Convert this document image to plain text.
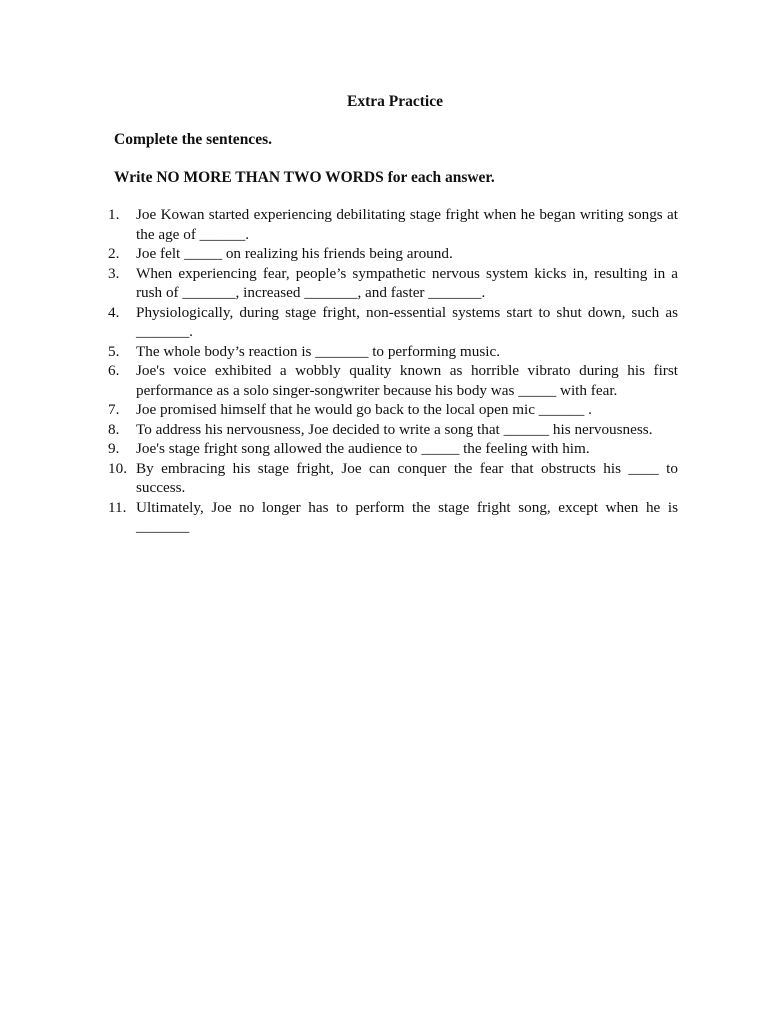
Extra Practice
Complete the sentences.
Write NO MORE THAN TWO WORDS for each answer.
1.	Joe Kowan started experiencing debilitating stage fright when he began writing songs at the age of ______.
2.	Joe felt _____ on realizing his friends being around.
3.	When experiencing fear, people’s sympathetic nervous system kicks in, resulting in a rush of _______, increased _______, and faster _______.
4.	Physiologically, during stage fright, non-essential systems start to shut down, such as _______.
5.	The whole body’s reaction is _______ to performing music.
6.	Joe's voice exhibited a wobbly quality known as horrible vibrato during his first performance as a solo singer-songwriter because his body was _____ with fear.
7.	Joe promised himself that he would go back to the local open mic ______ .
8.	To address his nervousness, Joe decided to write a song that ______ his nervousness.
9.	Joe's stage fright song allowed the audience to _____ the feeling with him.
10. By embracing his stage fright, Joe can conquer the fear that obstructs his ____ to success.
11. Ultimately, Joe no longer has to perform the stage fright song, except when he is _______
